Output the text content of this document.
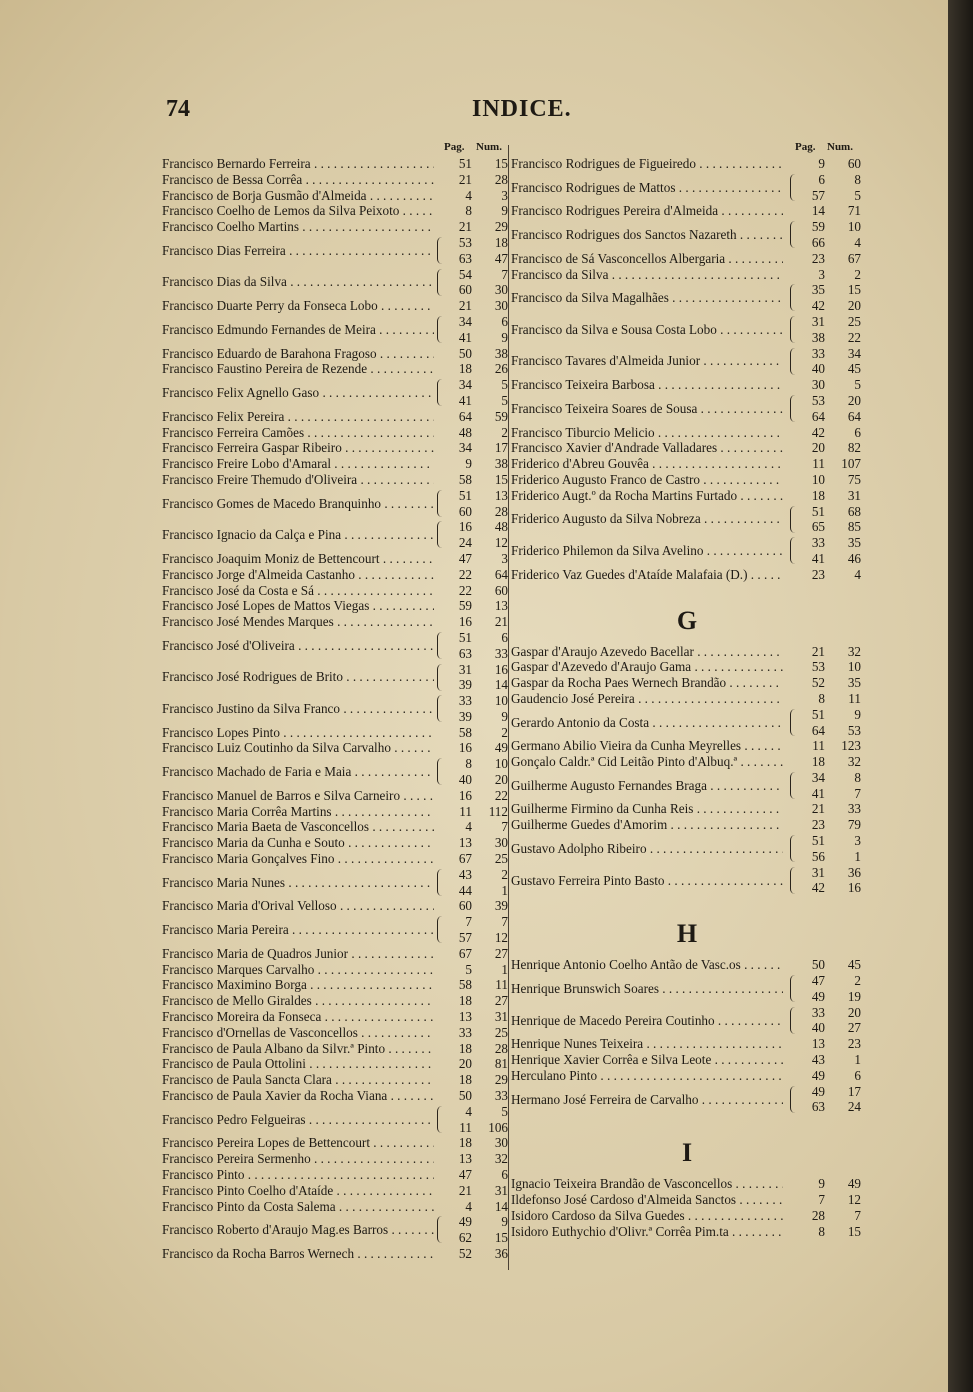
74	INDICE.
Pag. Num.
Francisco Bernardo Ferreira . . .	51	15
Francisco de Bessa Corrêa . . .	21	28
Francisco de Borja Gusmão d'Almeida . . .	4	3
Francisco Coelho de Lemos da Silva Peixoto . . .	8	9
Francisco Coelho Martins . . .	21	29
Francisco Dias Ferreira . . .
53	18
63	47
Francisco Dias da Silva . . .
54	7
60	30
Francisco Duarte Perry da Fonseca Lobo . . .	21	30
Francisco Edmundo Fernandes de Meira . . .
34	6
41	9
Francisco Eduardo de Barahona Fragoso . . .	50	38
Francisco Faustino Pereira de Rezende . . .	18	26
Francisco Felix Agnello Gaso . . .
34	5
41	5
Francisco Felix Pereira . . .	64	59
Francisco Ferreira Camões . . .	48	2
Francisco Ferreira Gaspar Ribeiro . . .	34	17
Francisco Freire Lobo d'Amaral . . .	9	38
Francisco Freire Themudo d'Oliveira . . .	58	15
Francisco Gomes de Macedo Branquinho . . .
51	13
60	28
Francisco Ignacio da Calça e Pina . . .
16	48
24	12
Francisco Joaquim Moniz de Bettencourt . . .	47	3
Francisco Jorge d'Almeida Castanho . . .	22	64
Francisco José da Costa e Sá . . .	22	60
Francisco José Lopes de Mattos Viegas . . .	59	13
Francisco José Mendes Marques . . .	16	21
Francisco José d'Oliveira . . .
51	6
63	33
Francisco José Rodrigues de Brito . . .
31	16
39	14
Francisco Justino da Silva Franco . . .
33	10
39	9
Francisco Lopes Pinto . . .	58	2
Francisco Luiz Coutinho da Silva Carvalho . . .	16	49
Francisco Machado de Faria e Maia . . .
8	10
40	20
Francisco Manuel de Barros e Silva Carneiro . . .	16	22
Francisco Maria Corrêa Martins . . .	11	112
Francisco Maria Baeta de Vasconcellos . . .	4	7
Francisco Maria da Cunha e Souto . . .	13	30
Francisco Maria Gonçalves Fino . . .	67	25
Francisco Maria Nunes . . .
43	2
44	1
Francisco Maria d'Orival Velloso . . .	60	39
Francisco Maria Pereira . . .
7	7
57	12
Francisco Maria de Quadros Junior . . .	67	27
Francisco Marques Carvalho . . .	5	1
Francisco Maximino Borga . . .	58	11
Francisco de Mello Giraldes . . .	18	27
Francisco Moreira da Fonseca . . .	13	31
Francisco d'Ornellas de Vasconcellos . . .	33	25
Francisco de Paula Albano da Silvr.ª Pinto . . .	18	28
Francisco de Paula Ottolini . . .	20	81
Francisco de Paula Sancta Clara . . .	18	29
Francisco de Paula Xavier da Rocha Viana . . .	50	33
Francisco Pedro Felgueiras . . .
4	5
11	106
Francisco Pereira Lopes de Bettencourt . . .	18	30
Francisco Pereira Sermenho . . .	13	32
Francisco Pinto . . .	47	6
Francisco Pinto Coelho d'Ataíde . . .	21	31
Francisco Pinto da Costa Salema . . .	4	14
Francisco Roberto d'Araujo Mag.es Barros . . .
49	9
62	15
Francisco da Rocha Barros Wernech . . .	52	36
Pag. Num.
Francisco Rodrigues de Figueiredo . . .	9	60
Francisco Rodrigues de Mattos . . .
6	8
57	5
Francisco Rodrigues Pereira d'Almeida . . .	14	71
Francisco Rodrigues dos Sanctos Nazareth . . .
59	10
66	4
Francisco de Sá Vasconcellos Albergaria . . .	23	67
Francisco da Silva . . .	3	2
Francisco da Silva Magalhães . . .
35	15
42	20
Francisco da Silva e Sousa Costa Lobo . . .
31	25
38	22
Francisco Tavares d'Almeida Junior . . .
33	34
40	45
Francisco Teixeira Barbosa . . .	30	5
Francisco Teixeira Soares de Sousa . . .
53	20
64	64
Francisco Tiburcio Melicio . . .	42	6
Francisco Xavier d'Andrade Valladares . . .	20	82
Friderico d'Abreu Gouvêa . . .	11	107
Friderico Augusto Franco de Castro . . .	10	75
Friderico Augt.º da Rocha Martins Furtado . . .	18	31
Friderico Augusto da Silva Nobreza . . .
51	68
65	85
Friderico Philemon da Silva Avelino . . .
33	35
41	46
Friderico Vaz Guedes d'Ataíde Malafaia (D.) . . .	23	4
G
Gaspar d'Araujo Azevedo Bacellar . . .	21	32
Gaspar d'Azevedo d'Araujo Gama . . .	53	10
Gaspar da Rocha Paes Wernech Brandão . . .	52	35
Gaudencio José Pereira . . .	8	11
Gerardo Antonio da Costa . . .
51	9
64	53
Germano Abilio Vieira da Cunha Meyrelles . . .	11	123
Gonçalo Caldr.ª Cid Leitão Pinto d'Albuq.ª . . .	18	32
Guilherme Augusto Fernandes Braga . . .
34	8
41	7
Guilherme Firmino da Cunha Reis . . .	21	33
Guilherme Guedes d'Amorim . . .	23	79
Gustavo Adolpho Ribeiro . . .
51	3
56	1
Gustavo Ferreira Pinto Basto . . .
31	36
42	16
H
Henrique Antonio Coelho Antão de Vasc.os . . .	50	45
Henrique Brunswich Soares . . .
47	2
49	19
Henrique de Macedo Pereira Coutinho . . .
33	20
40	27
Henrique Nunes Teixeira . . .	13	23
Henrique Xavier Corrêa e Silva Leote . . .	43	1
Herculano Pinto . . .	49	6
Hermano José Ferreira de Carvalho . . .
49	17
63	24
I
Ignacio Teixeira Brandão de Vasconcellos . . .	9	49
Ildefonso José Cardoso d'Almeida Sanctos . . .	7	12
Isidoro Cardoso da Silva Guedes . . .	28	7
Isidoro Euthychio d'Olivr.ª Corrêa Pim.ta . . .	8	15
